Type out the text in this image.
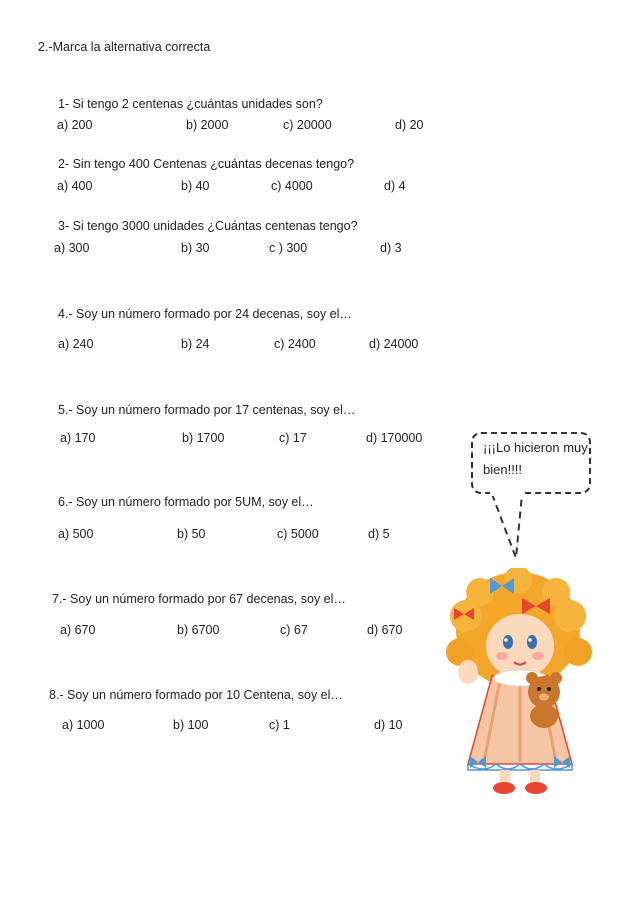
2.-Marca la alternativa correcta
1- Si tengo 2 centenas ¿cuántas unidades son?
a) 200	b) 2000	c) 20000	d) 20
2- Sin tengo 400 Centenas ¿cuántas decenas tengo?
a) 400	b) 40	c) 4000	d) 4
3- Si tengo 3000 unidades ¿Cuántas centenas tengo?
a) 300	b) 30	c ) 300	d) 3
4.- Soy un número formado por 24 decenas, soy el…
a) 240	b) 24	c) 2400	d) 24000
5.- Soy un número formado por 17 centenas, soy el…
a) 170	b) 1700	c) 17	d) 170000
6.- Soy un número formado por 5UM, soy el…
a) 500	b) 50	c) 5000	d) 5
7.- Soy un número formado por 67 decenas, soy el…
a) 670	b) 6700	c) 67	d) 670
8.- Soy un número formado por 10 Centena, soy el…
a) 1000	b) 100	c) 1	d) 10
¡¡¡Lo hicieron muy bien!!!!
